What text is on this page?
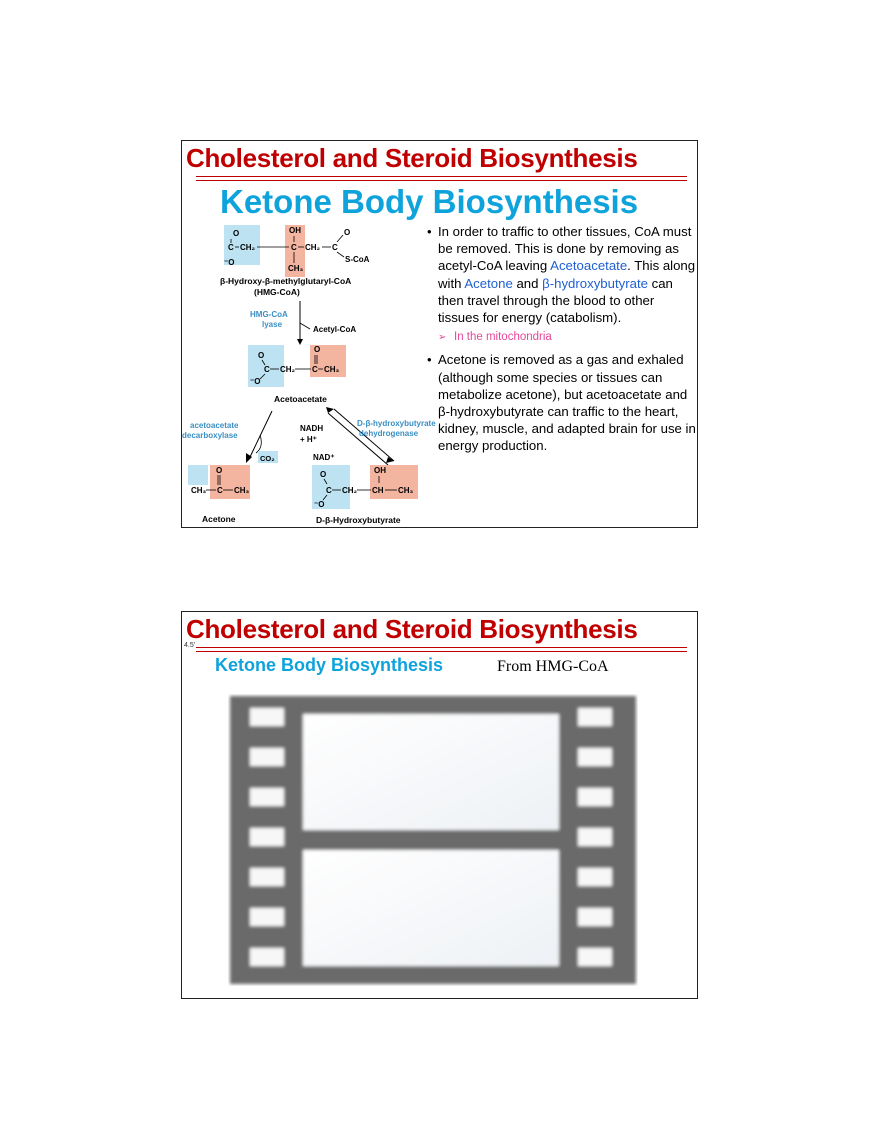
Cholesterol and Steroid Biosynthesis
Ketone Body Biosynthesis
O
C CH₂
OH
C CH₂ C
O
S-CoA
⁻O
CH₃
β-Hydroxy-β-methylglutaryl-CoA
(HMG-CoA)
HMG-CoA
lyase
Acetyl-CoA
O
C CH₂
O
C CH₃
⁻O
Acetoacetate
CO₂
acetoacetate
decarboxylase
NADH
+ H⁺
NAD⁺
D-β-hydroxybutyrate
dehydrogenase
O
CH₃ C CH₃
Acetone
O
C CH₂
OH
CH CH₃
⁻O
D-β-Hydroxybutyrate
• In order to traffic to other tissues, CoA must be removed. This is done by removing as acetyl-CoA leaving Acetoacetate. This along with Acetone and β-hydroxybutyrate can then travel through the blood to other tissues for energy (catabolism).
➢ In the mitochondria
• Acetone is removed as a gas and exhaled (although some species or tissues can metabolize acetone), but acetoacetate and β-hydroxybutyrate can traffic to the heart, kidney, muscle, and adapted brain for use in energy production.
Cholesterol and Steroid Biosynthesis
4.5'
Ketone Body Biosynthesis	From HMG-CoA
